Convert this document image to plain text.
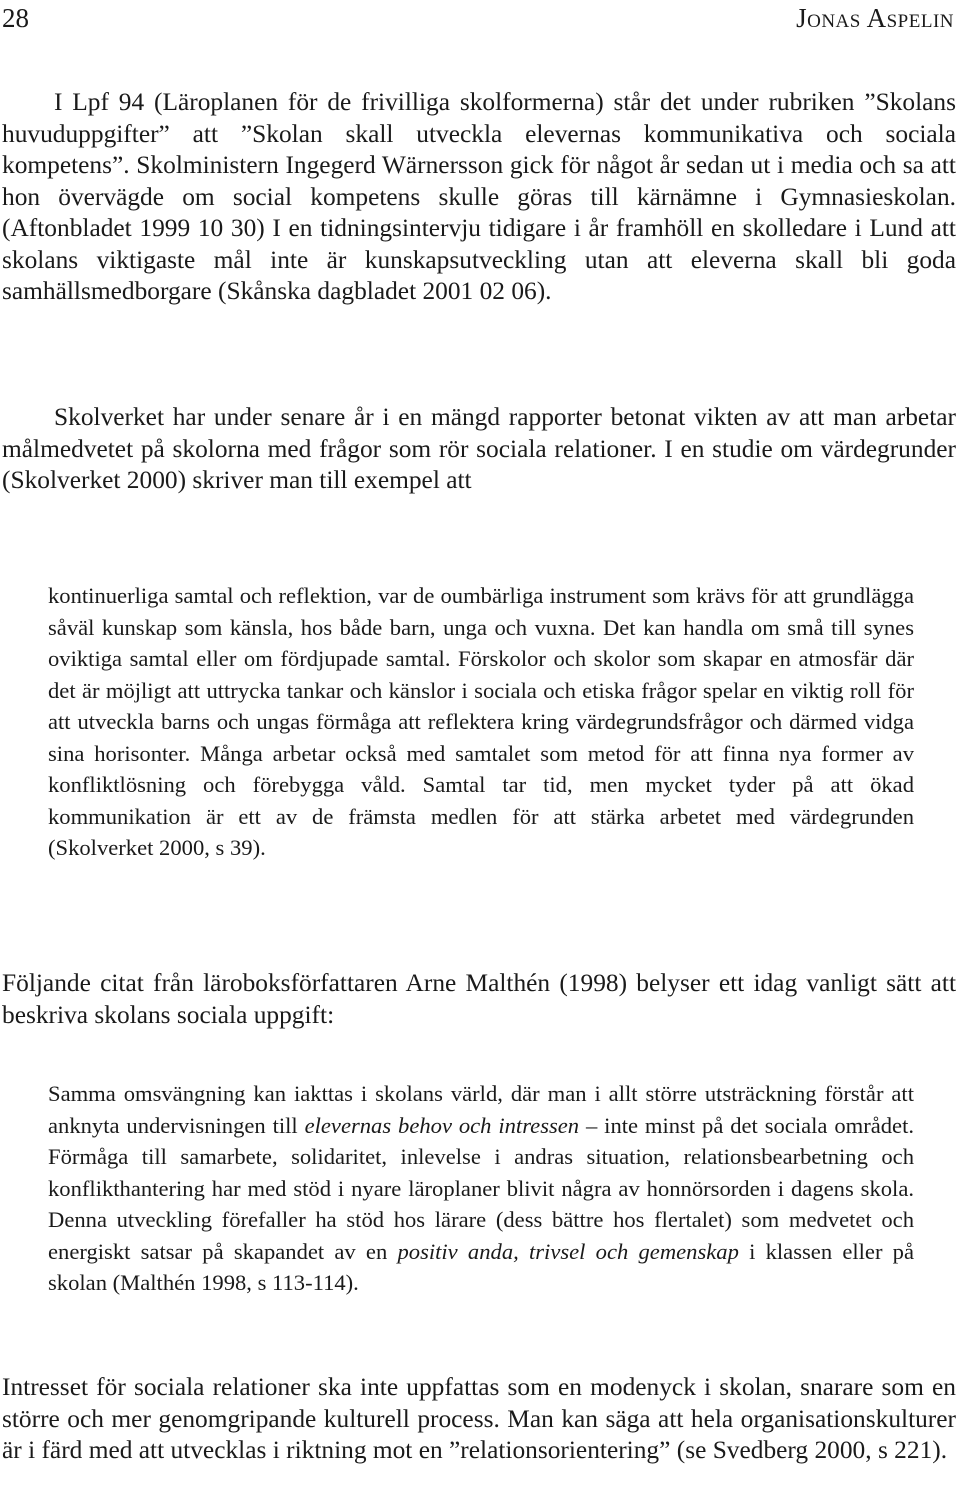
28	Jonas Aspelin

I Lpf 94 (Läroplanen för de frivilliga skolformerna) står det under rubriken ”Skolans huvuduppgifter” att ”Skolan skall utveckla elevernas kommunikativa och sociala kompetens”. Skolministern Ingegerd Wärnersson gick för något år sedan ut i media och sa att hon övervägde om social kompetens skulle göras till kärnämne i Gymnasieskolan. (Aftonbladet 1999 10 30) I en tidningsintervju tidigare i år framhöll en skolledare i Lund att skolans viktigaste mål inte är kunskapsutveckling utan att eleverna skall bli goda samhällsmedborgare (Skånska dagbladet 2001 02 06).

Skolverket har under senare år i en mängd rapporter betonat vikten av att man arbetar målmedvetet på skolorna med frågor som rör sociala relationer. I en studie om värdegrunder (Skolverket 2000) skriver man till exempel att

kontinuerliga samtal och reflektion, var de oumbärliga instrument som krävs för att grundlägga såväl kunskap som känsla, hos både barn, unga och vuxna. Det kan handla om små till synes oviktiga samtal eller om fördjupade samtal. Förskolor och skolor som skapar en atmosfär där det är möjligt att uttrycka tankar och känslor i sociala och etiska frågor spelar en viktig roll för att utveckla barns och ungas förmåga att reflektera kring värdegrundsfrågor och därmed vidga sina horisonter. Många arbetar också med samtalet som metod för att finna nya former av konfliktlösning och förebygga våld. Samtal tar tid, men mycket tyder på att ökad kommunikation är ett av de främsta medlen för att stärka arbetet med värdegrunden (Skolverket 2000, s 39).

Följande citat från läroboksförfattaren Arne Malthén (1998) belyser ett idag vanligt sätt att beskriva skolans sociala uppgift:

Samma omsvängning kan iakttas i skolans värld, där man i allt större utsträckning förstår att anknyta undervisningen till elevernas behov och intressen – inte minst på det sociala området. Förmåga till samarbete, solidaritet, inlevelse i andras situation, relationsbearbetning och konflikthantering har med stöd i nyare läroplaner blivit några av honnörsorden i dagens skola. Denna utveckling förefaller ha stöd hos lärare (dess bättre hos flertalet) som medvetet och energiskt satsar på skapandet av en positiv anda, trivsel och gemenskap i klassen eller på skolan (Malthén 1998, s 113-114).

Intresset för sociala relationer ska inte uppfattas som en modenyck i skolan, snarare som en större och mer genomgripande kulturell process. Man kan säga att hela organisationskulturer är i färd med att utvecklas i riktning mot en ”relationsorientering” (se Svedberg 2000, s 221).
